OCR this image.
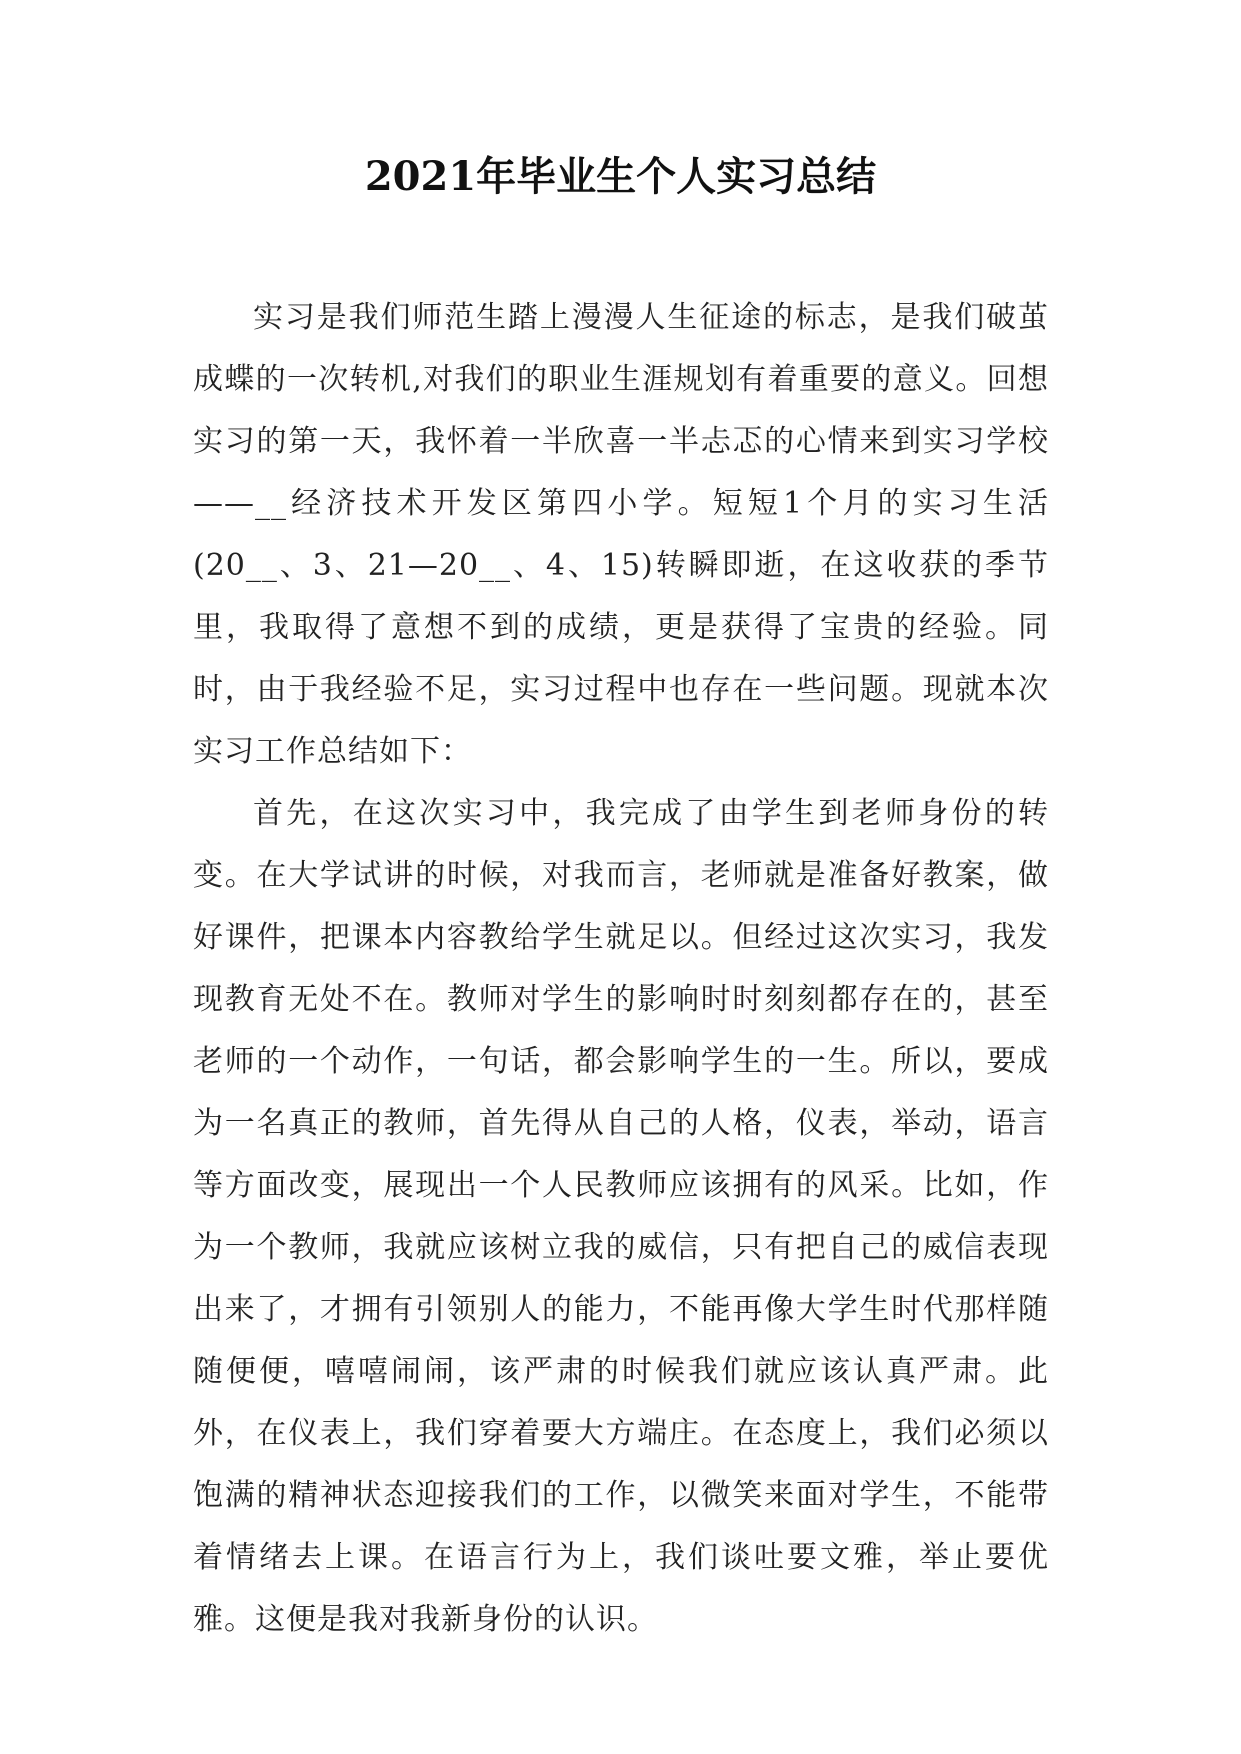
2021年毕业生个人实习总结

实习是我们师范生踏上漫漫人生征途的标志，是我们破茧成蝶的一次转机,对我们的职业生涯规划有着重要的意义。回想实习的第一天，我怀着一半欣喜一半忐忑的心情来到实习学校——__经济技术开发区第四小学。短短1个月的实习生活(20__、3、21—20__、4、15)转瞬即逝，在这收获的季节里，我取得了意想不到的成绩，更是获得了宝贵的经验。同时，由于我经验不足，实习过程中也存在一些问题。现就本次实习工作总结如下：

首先，在这次实习中，我完成了由学生到老师身份的转变。在大学试讲的时候，对我而言，老师就是准备好教案，做好课件，把课本内容教给学生就足以。但经过这次实习，我发现教育无处不在。教师对学生的影响时时刻刻都存在的，甚至老师的一个动作，一句话，都会影响学生的一生。所以，要成为一名真正的教师，首先得从自己的人格，仪表，举动，语言等方面改变，展现出一个人民教师应该拥有的风采。比如，作为一个教师，我就应该树立我的威信，只有把自己的威信表现出来了，才拥有引领别人的能力，不能再像大学生时代那样随随便便，嘻嘻闹闹，该严肃的时候我们就应该认真严肃。此外，在仪表上，我们穿着要大方端庄。在态度上，我们必须以饱满的精神状态迎接我们的工作，以微笑来面对学生，不能带着情绪去上课。在语言行为上，我们谈吐要文雅，举止要优雅。这便是我对我新身份的认识。
